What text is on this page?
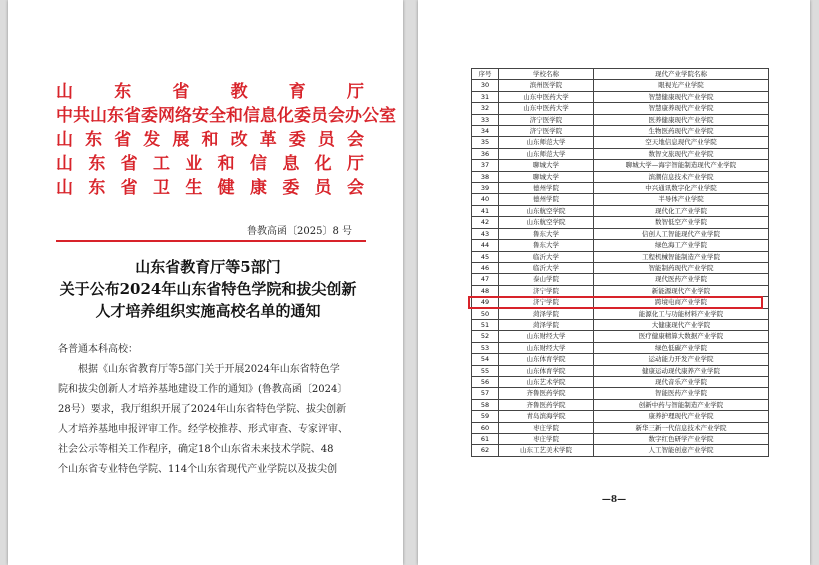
山 东 省 教 育 厅
中共山东省委网络安全和信息化委员会办公室
山 东 省 发 展 和 改 革 委 员 会
山 东 省 工 业 和 信 息 化 厅
山 东 省 卫 生 健 康 委 员 会
鲁教高函〔2025〕8 号
山东省教育厅等5部门
关于公布2024年山东省特色学院和拔尖创新
人才培养组织实施高校名单的通知
各普通本科高校：
根据《山东省教育厅等5部门关于开展2024年山东省特色学
院和拔尖创新人才培养基地建设工作的通知》(鲁教高函〔2024〕
28号）要求，我厅组织开展了2024年山东省特色学院、拔尖创新
人才培养基地申报评审工作。经学校推荐、形式审查、专家评审、
社会公示等相关工作程序，确定18个山东省未来技术学院、48
个山东省专业特色学院、114个山东省现代产业学院以及拔尖创
序号	学校名称	现代产业学院名称
30	滨州医学院	眼视光产业学院
31	山东中医药大学	智慧健康现代产业学院
32	山东中医药大学	智慧康养现代产业学院
33	济宁医学院	医养健康现代产业学院
34	济宁医学院	生物医药现代产业学院
35	山东师范大学	空天地信息现代产业学院
36	山东师范大学	数智文旅现代产业学院
37	聊城大学	聊城大学—海宇智能制造现代产业学院
38	聊城大学	滨潮信息技术产业学院
39	德州学院	中兴通讯数字化产业学院
40	德州学院	半导体产业学院
41	山东航空学院	现代化工产业学院
42	山东航空学院	数智低空产业学院
43	鲁东大学	信创人工智能现代产业学院
44	鲁东大学	绿色海工产业学院
45	临沂大学	工程机械智能制造产业学院
46	临沂大学	智能制药现代产业学院
47	泰山学院	现代医药产业学院
48	济宁学院	新能源现代产业学院
49	济宁学院	跨境电商产业学院
50	菏泽学院	能源化工与功能材料产业学院
51	菏泽学院	大健康现代产业学院
52	山东财经大学	医疗健康精算大数据产业学院
53	山东财经大学	绿色低碳产业学院
54	山东体育学院	运动能力开发产业学院
55	山东体育学院	健康运动现代康养产业学院
56	山东艺术学院	现代音乐产业学院
57	齐鲁医药学院	智能医药产业学院
58	齐鲁医药学院	创新中药与智能制造产业学院
59	青岛滨海学院	康养护理现代产业学院
60	枣庄学院	新华三新一代信息技术产业学院
61	枣庄学院	数字红色研学产业学院
62	山东工艺美术学院	人工智能创意产业学院
—8—
